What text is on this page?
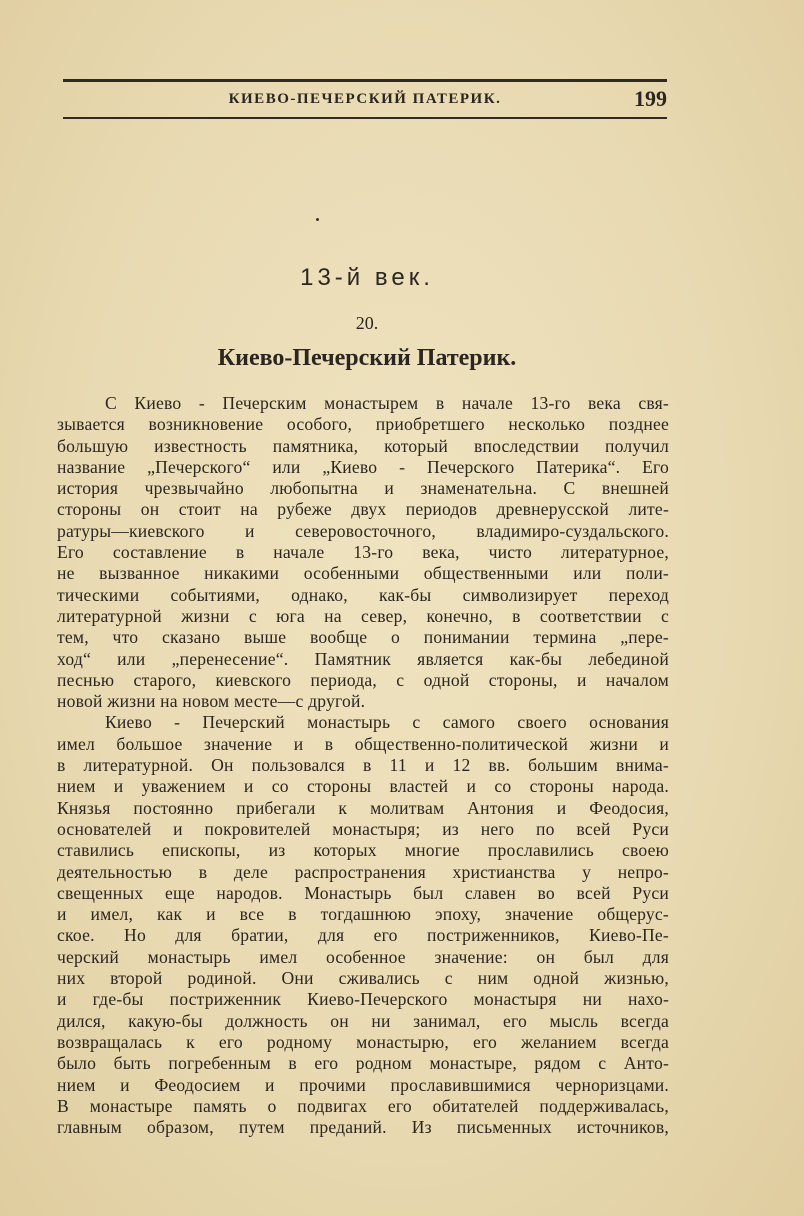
КИЕВО-ПЕЧЕРСКИЙ ПАТЕРИК.	199
13-й век.
20.
Киево-Печерский Патерик.
С Киево - Печерским монастырем в начале 13-го века свя-
зывается возникновение особого, приобретшего несколько позднее
большую известность памятника, который впоследствии получил
название „Печерского“ или „Киево - Печерского Патерика“. Его
история чрезвычайно любопытна и знаменательна. С внешней
стороны он стоит на рубеже двух периодов древнерусской лите-
ратуры—киевского и северовосточного, владимиро-суздальского.
Его составление в начале 13-го века, чисто литературное,
не вызванное никакими особенными общественными или поли-
тическими событиями, однако, как-бы символизирует переход
литературной жизни с юга на север, конечно, в соответствии с
тем, что сказано выше вообще о понимании термина „пере-
ход“ или „перенесение“. Памятник является как-бы лебединой
песнью старого, киевского периода, с одной стороны, и началом
новой жизни на новом месте—с другой.
Киево - Печерский монастырь с самого своего основания
имел большое значение и в общественно-политической жизни и
в литературной. Он пользовался в 11 и 12 вв. большим внима-
нием и уважением и со стороны властей и со стороны народа.
Князья постоянно прибегали к молитвам Антония и Феодосия,
основателей и покровителей монастыря; из него по всей Руси
ставились епископы, из которых многие прославились своею
деятельностью в деле распространения христианства у непро-
свещенных еще народов. Монастырь был славен во всей Руси
и имел, как и все в тогдашнюю эпоху, значение общерус-
ское. Но для братии, для его постриженников, Киево-Пе-
черский монастырь имел особенное значение: он был для
них второй родиной. Они сживались с ним одной жизнью,
и где-бы постриженник Киево-Печерского монастыря ни нахо-
дился, какую-бы должность он ни занимал, его мысль всегда
возвращалась к его родному монастырю, его желанием всегда
было быть погребенным в его родном монастыре, рядом с Анто-
нием и Феодосием и прочими прославившимися черноризцами.
В монастыре память о подвигах его обитателей поддерживалась,
главным образом, путем преданий. Из письменных источников,
